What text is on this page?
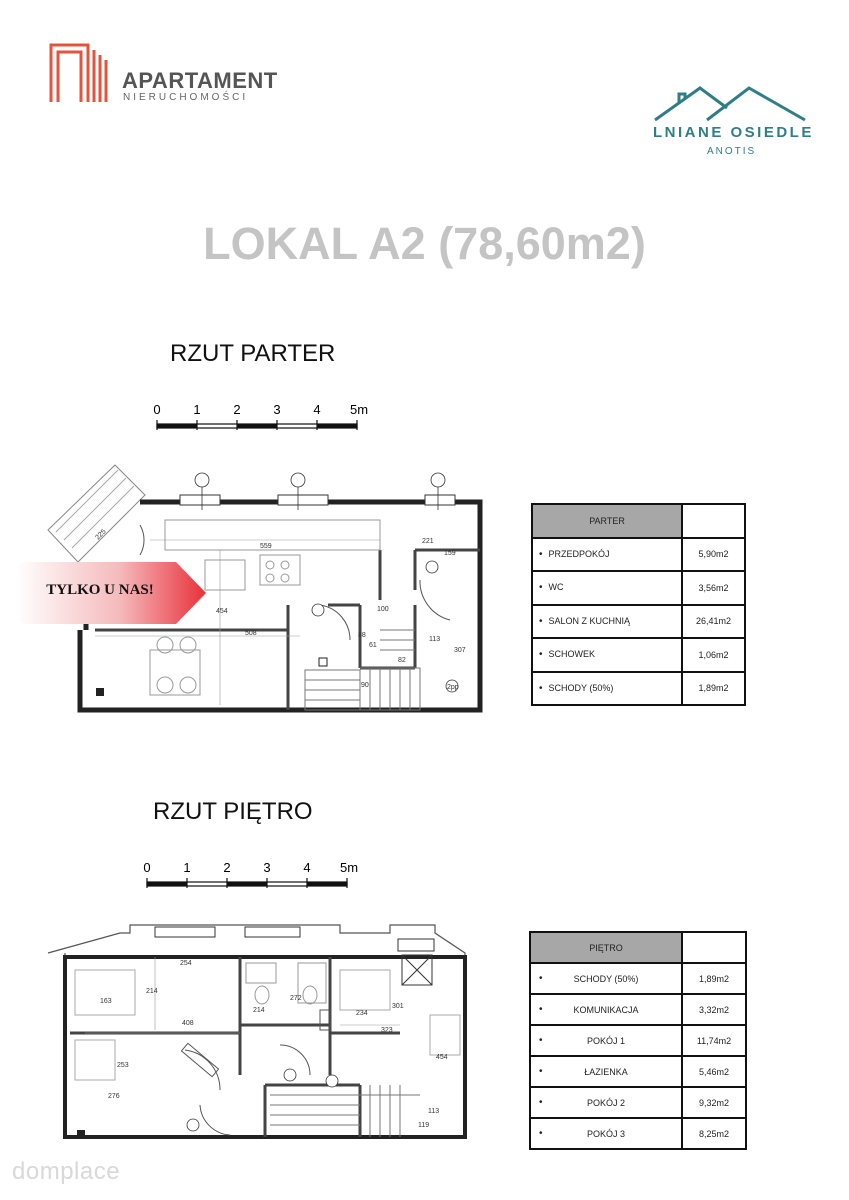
APARTAMENT
NIERUCHOMOŚCI
LNIANE OSIEDLE
ANOTIS
LOKAL A2 (78,60m2)
RZUT PARTER
0	1	2	3	4 5m
559
221
159
454
508
100
88
61
82
113
307
90
225
2pp
TYLKO U NAS!
PARTER	
• PRZEDPOKÓJ	5,90m2
• WC	3,56m2
• SALON Z KUCHNIĄ	26,41m2
• SCHOWEK	1,06m2
• SCHODY (50%)	1,89m2
RZUT PIĘTRO
0	1	2	3	4 5m
254
163
214
272
301
408
214	234
323
253
454
276
113
119
PIĘTRO	

• SCHODY (50%)	1,89m2

• KOMUNIKACJA	3,32m2

• POKÓJ 1	11,74m2

• ŁAZIENKA	5,46m2

• POKÓJ 2	9,32m2

• POKÓJ 3	8,25m2
domplace
